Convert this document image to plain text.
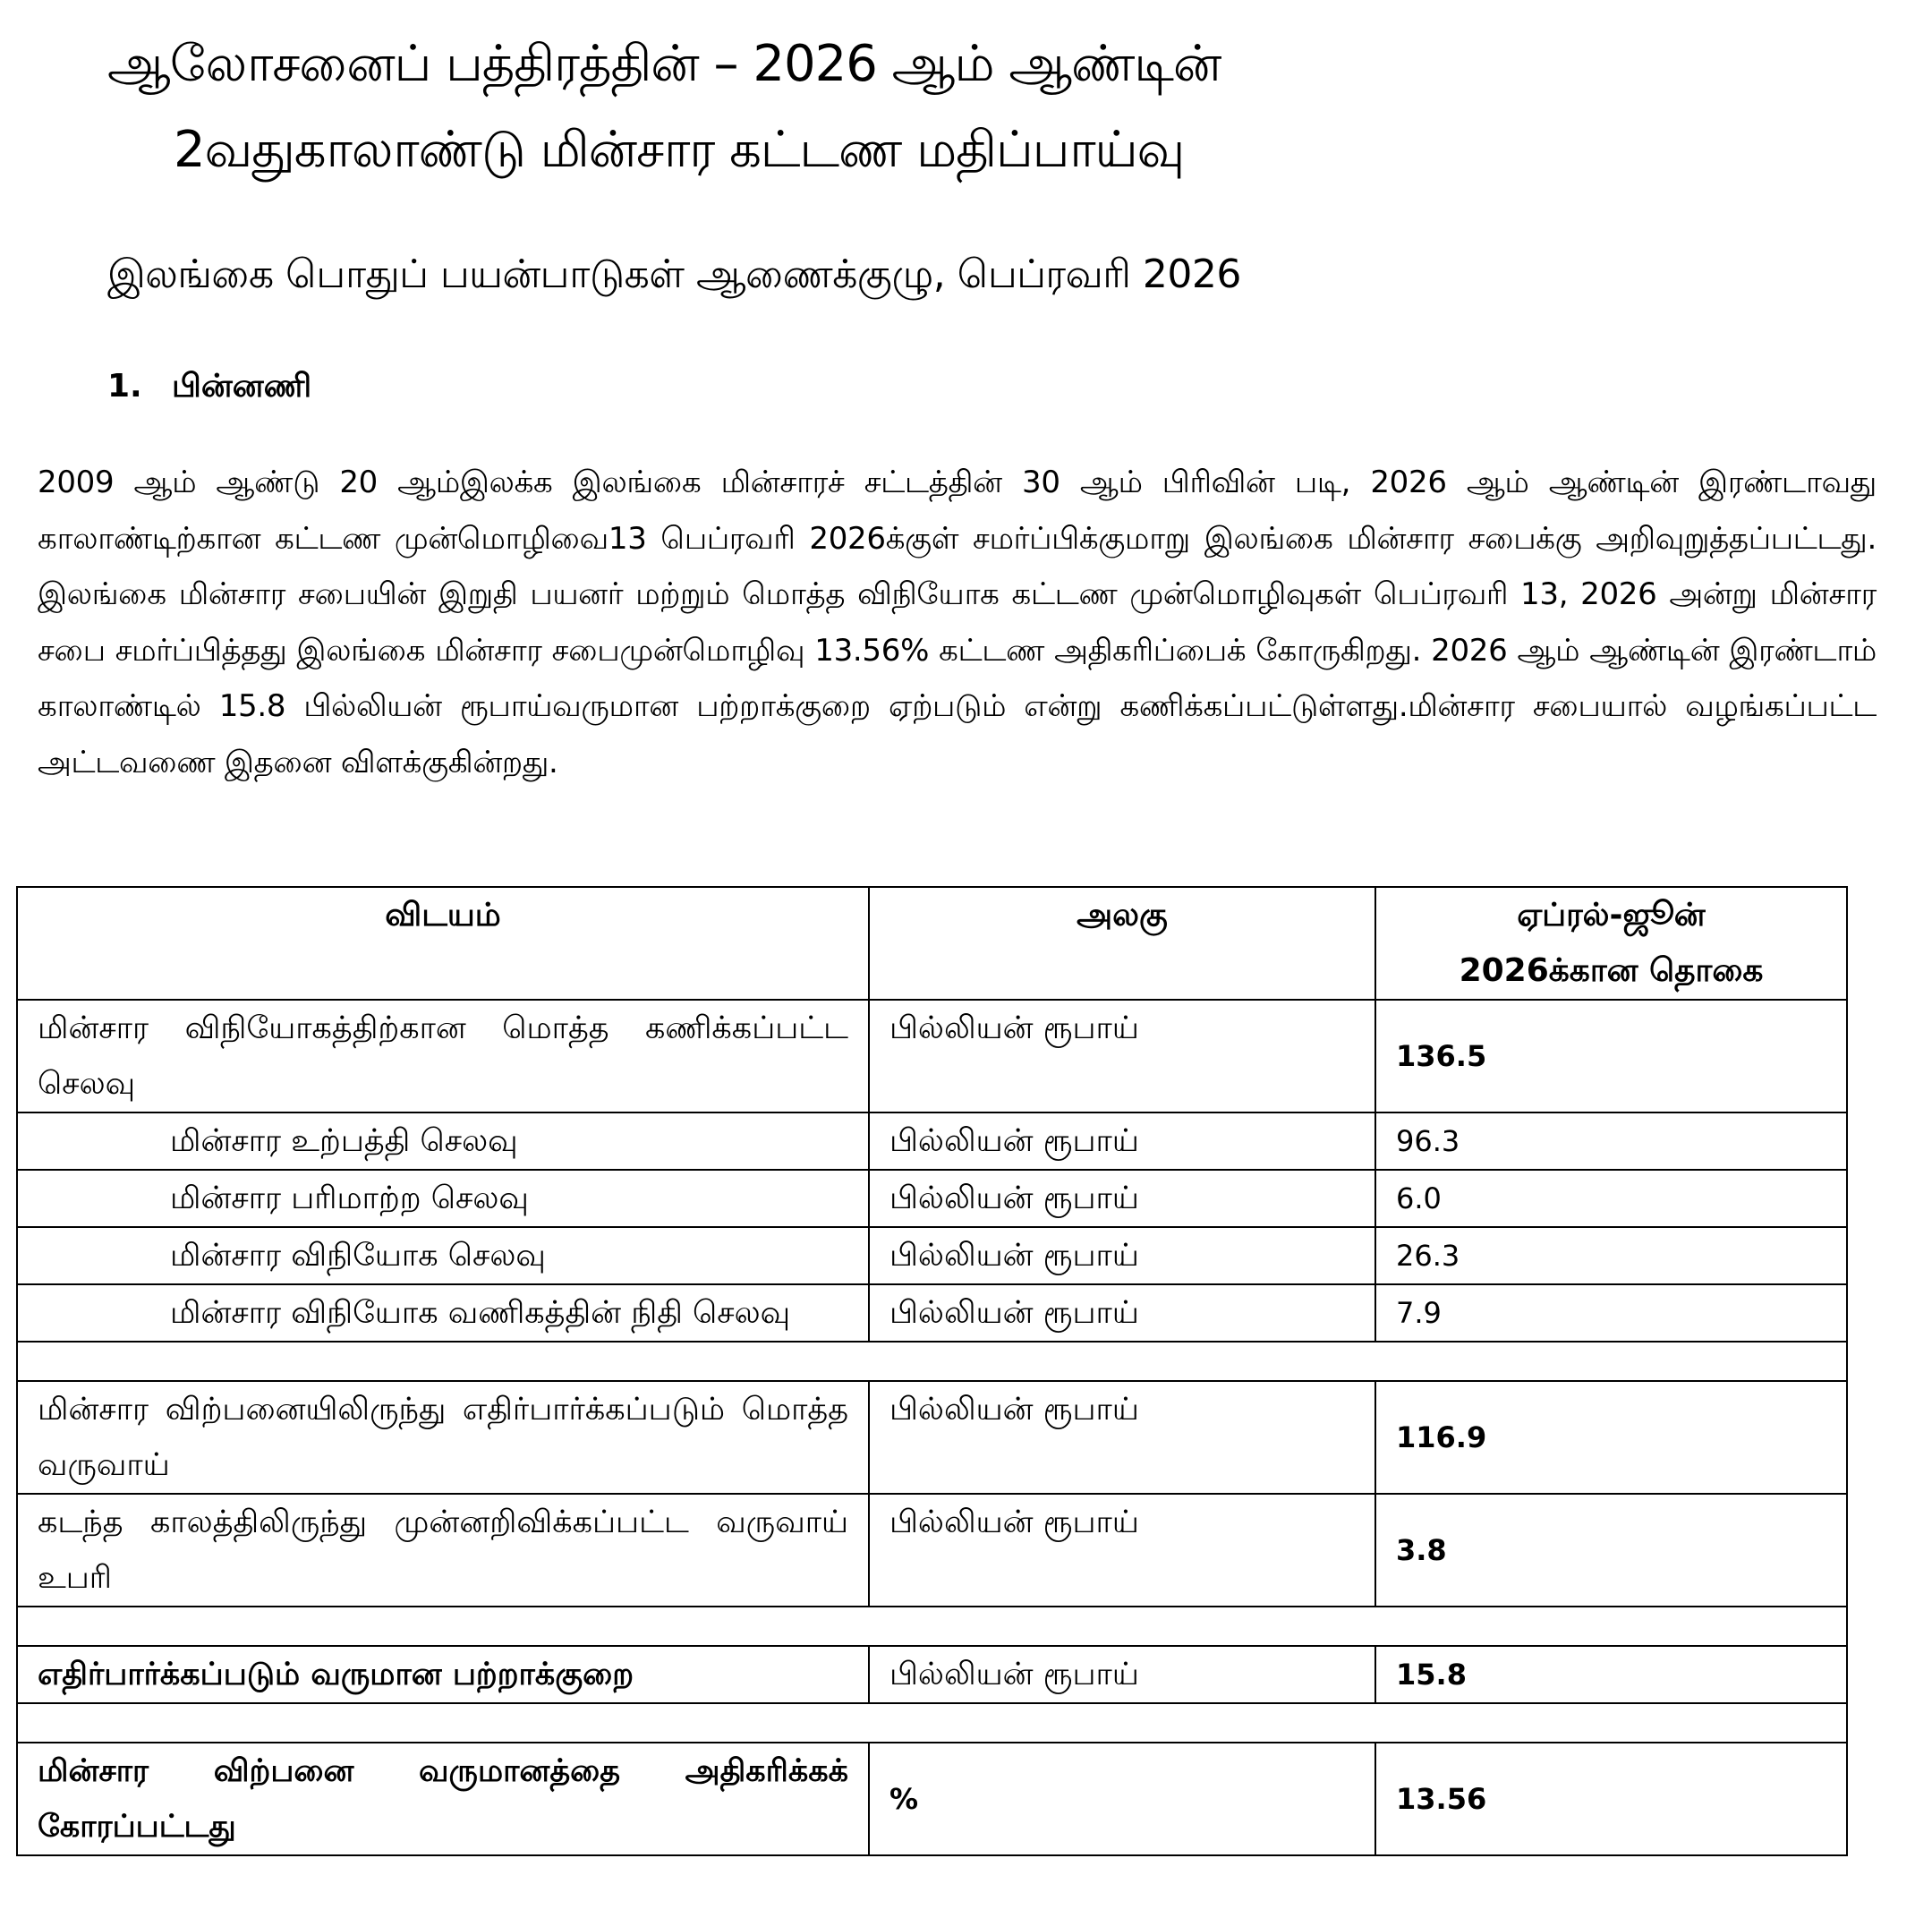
ஆலோசனைப் பத்திரத்தின் – 2026 ஆம் ஆண்டின்
2வதுகாலாண்டு மின்சார கட்டண மதிப்பாய்வு
இலங்கை பொதுப் பயன்பாடுகள் ஆணைக்குழு, பெப்ரவரி 2026
1. பின்னணி

2009 ஆம் ஆண்டு 20 ஆம்இலக்க இலங்கை மின்சாரச் சட்டத்தின் 30 ஆம் பிரிவின் படி, 2026 ஆம் ஆண்டின் இரண்டாவது காலாண்டிற்கான கட்டண முன்மொழிவை13 பெப்ரவரி 2026க்குள் சமர்ப்பிக்குமாறு இலங்கை மின்சார சபைக்கு அறிவுறுத்தப்பட்டது. இலங்கை மின்சார சபையின் இறுதி பயனர் மற்றும் மொத்த விநியோக கட்டண முன்மொழிவுகள் பெப்ரவரி 13, 2026 அன்று மின்சார சபை சமர்ப்பித்தது இலங்கை மின்சார சபைமுன்மொழிவு 13.56% கட்டண அதிகரிப்பைக் கோருகிறது. 2026 ஆம் ஆண்டின் இரண்டாம் காலாண்டில் 15.8 பில்லியன் ரூபாய்வருமான பற்றாக்குறை ஏற்படும் என்று கணிக்கப்பட்டுள்ளது.மின்சார சபையால் வழங்கப்பட்ட அட்டவணை இதனை விளக்குகின்றது.

விடயம்	அலகு	ஏப்ரல்-ஜூன்
2026க்கான தொகை
மின்சார விநியோகத்திற்கான மொத்த கணிக்கப்பட்ட செலவு	பில்லியன் ரூபாய்	136.5
மின்சார உற்பத்தி செலவு	பில்லியன் ரூபாய்	96.3
மின்சார பரிமாற்ற செலவு	பில்லியன் ரூபாய்	6.0
மின்சார விநியோக செலவு	பில்லியன் ரூபாய்	26.3
மின்சார விநியோக வணிகத்தின் நிதி செலவு	பில்லியன் ரூபாய்	7.9

மின்சார விற்பனையிலிருந்து எதிர்பார்க்கப்படும் மொத்த வருவாய்	பில்லியன் ரூபாய்	116.9
கடந்த காலத்திலிருந்து முன்னறிவிக்கப்பட்ட வருவாய் உபரி	பில்லியன் ரூபாய்	3.8

எதிர்பார்க்கப்படும் வருமான பற்றாக்குறை	பில்லியன் ரூபாய்	15.8

மின்சார விற்பனை வருமானத்தை அதிகரிக்கக் கோரப்பட்டது	%	13.56
